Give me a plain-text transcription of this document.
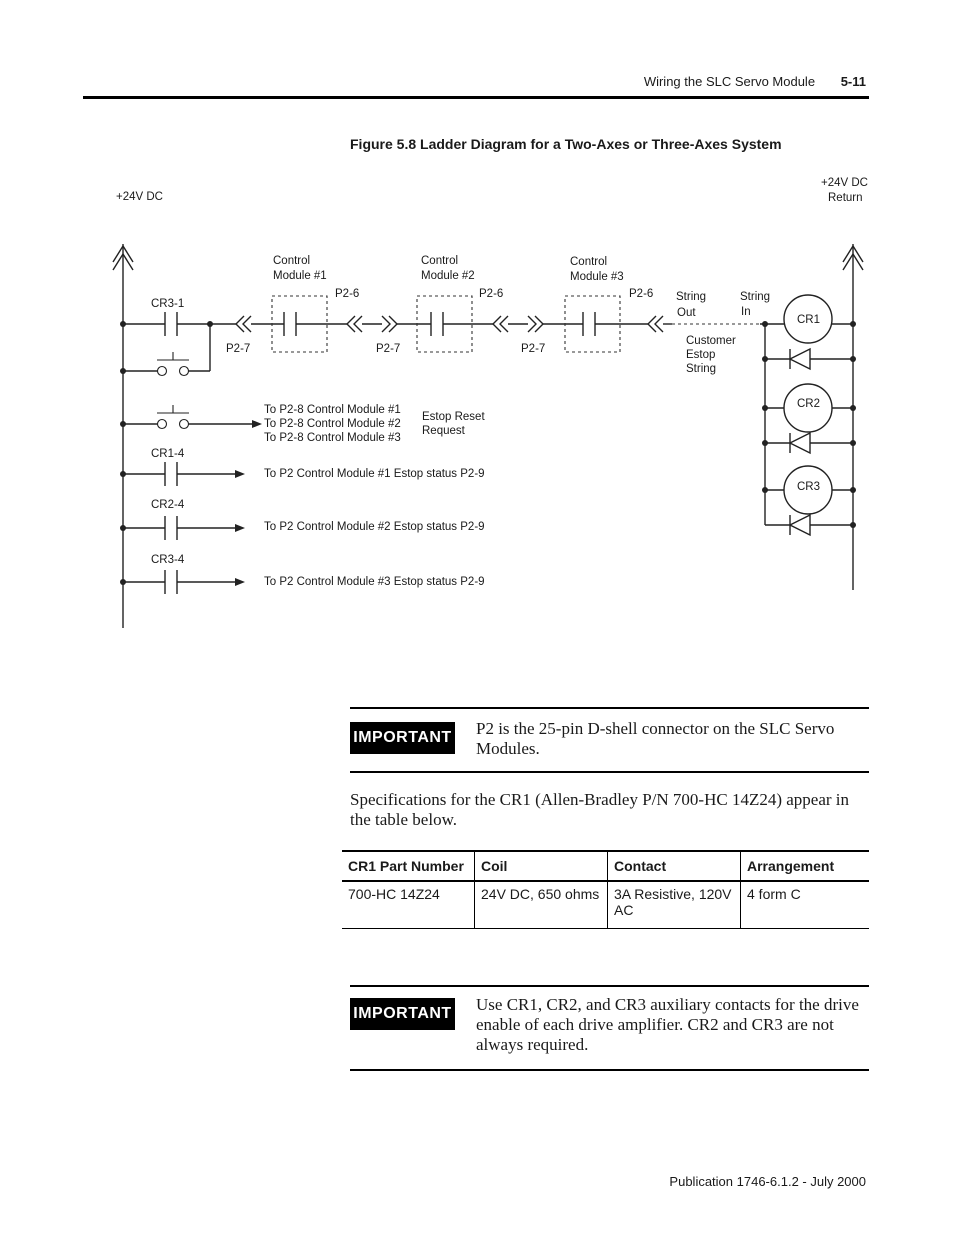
Wiring the SLC Servo Module 5-11
Figure 5.8 Ladder Diagram for a Two-Axes or Three-Axes System
+24V DC
+24V DC
Return
CR3-1
Control
Module #1
P2-6
P2-7
Control
Module #2
P2-6
P2-7
Control
Module #3
P2-6
P2-7
String
Out
String
In
Customer
Estop
String
CR1
CR2
CR3
To P2-8 Control Module #1
To P2-8 Control Module #2
To P2-8 Control Module #3
Estop Reset
Request
CR1-4
To P2 Control Module #1 Estop status P2-9
CR2-4
To P2 Control Module #2 Estop status P2-9
CR3-4
To P2 Control Module #3 Estop status P2-9
IMPORTANT P2 is the 25-pin D-shell connector on the SLC Servo Modules.
Specifications for the CR1 (Allen-Bradley P/N 700-HC 14Z24) appear in the table below.
CR1 Part Number	Coil	Contact	Arrangement
700-HC 14Z24	24V DC, 650 ohms	3A Resistive, 120V AC	4 form C
IMPORTANT Use CR1, CR2, and CR3 auxiliary contacts for the drive enable of each drive amplifier. CR2 and CR3 are not always required.
Publication 1746-6.1.2 - July 2000
